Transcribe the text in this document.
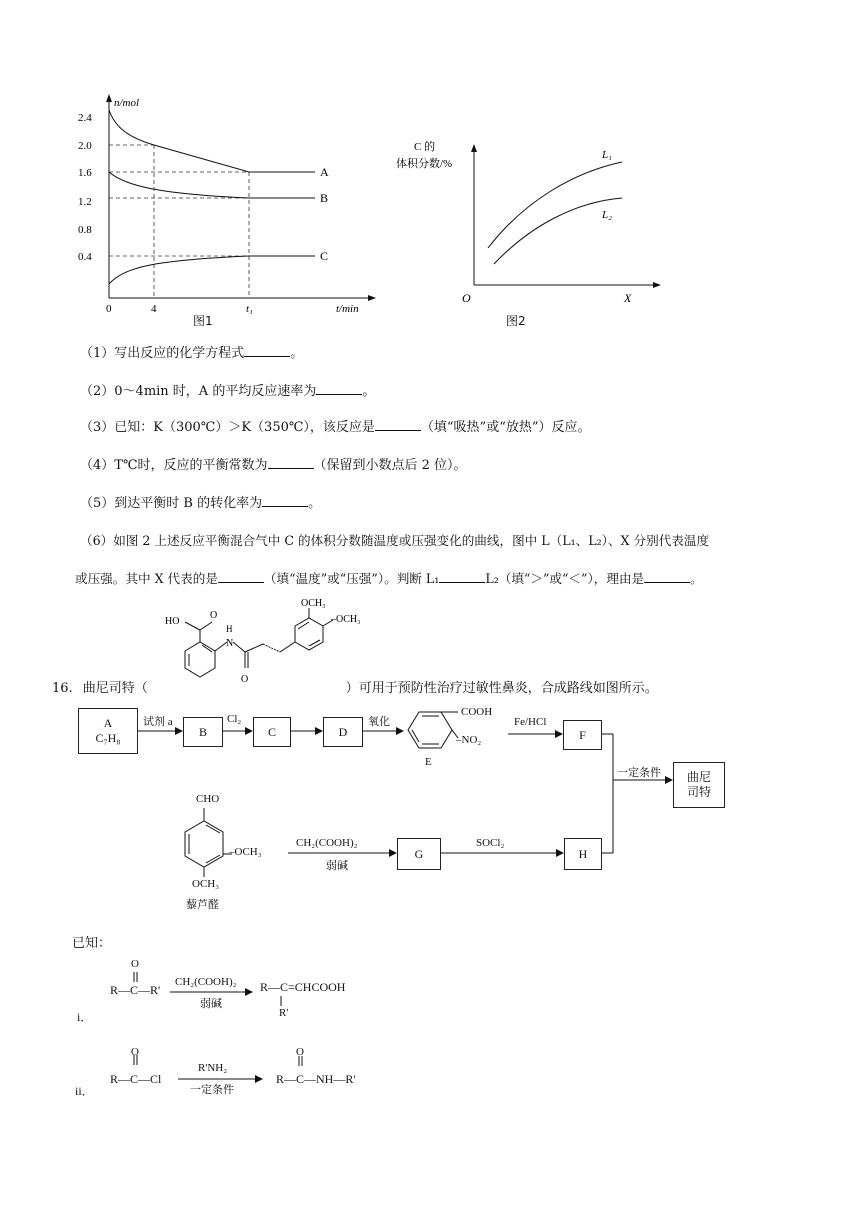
n/mol
2.4
2.0
1.6
1.2
0.8
0.4
0	4	t₁	t/min
A
B
C
图1
C 的
体积分数/%
O	X
L₁
L₂
图2
（1）写出反应的化学方程式	。
（2）0～4min 时，A 的平均反应速率为	。
（3）已知：K（300℃）＞K（350℃），该反应是	（填“吸热”或“放热”）反应。
（4）T℃时，反应的平衡常数为	（保留到小数点后 2 位）。
（5）到达平衡时 B 的转化率为	。
（6）如图 2 上述反应平衡混合气中 C 的体积分数随温度或压强变化的曲线，图中 L（L₁、L₂）、X 分别代表温度
或压强。其中 X 代表的是	（填“温度”或“压强”）。判断 L₁	L₂（填“＞”或“＜”），理由是	。
OCH₃
–OCH₃
HO
O
H
N
O
16. 曲尼司特（	）可用于预防性治疗过敏性鼻炎，合成路线如图所示。
A
C₇H₈
试剂 a
B
Cl₂
C	D
氧化
COOH
–NO₂
E
Fe/HCl
F
一定条件 曲尼
司特
CHO
–OCH₃
OCH₃
藜芦醛
CH₂(COOH)₂
弱碱
G
SOCl₂
H
已知：
i．
O
R—C—R'
CH₂(COOH)₂
弱碱
R—C=CHCOOH
R'
ii．
O
R—C—Cl
R'NH₂
一定条件
O
R—C—NH—R'
